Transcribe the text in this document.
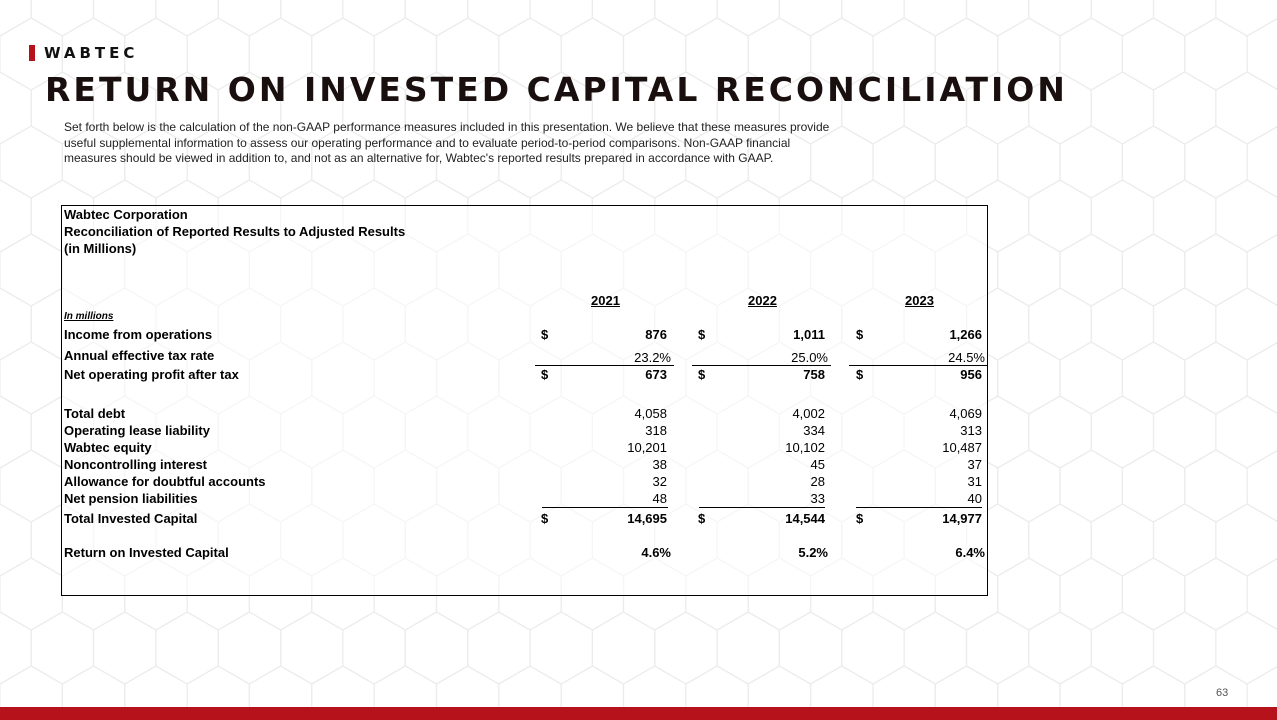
WABTEC
RETURN ON INVESTED CAPITAL RECONCILIATION
Set forth below is the calculation of the non-GAAP performance measures included in this presentation. We believe that these measures provide
useful supplemental information to assess our operating performance and to evaluate period-to-period comparisons. Non-GAAP financial
measures should be viewed in addition to, and not as an alternative for, Wabtec's reported results prepared in accordance with GAAP.
Wabtec Corporation
Reconciliation of Reported Results to Adjusted Results
(in Millions)
2021	2022	2023
In millions
Income from operations	$	876 $	1,011 $	1,266
Annual effective tax rate	23.2%	25.0%	24.5%
Net operating profit after tax	$	673 $	758 $	956
Total debt	4,058	4,002	4,069
Operating lease liability	318	334	313
Wabtec equity	10,201	10,102	10,487
Noncontrolling interest	38	45	37
Allowance for doubtful accounts	32	28	31
Net pension liabilities	48	33	40
Total Invested Capital	$	14,695 $	14,544 $	14,977
Return on Invested Capital	4.6%	5.2%	6.4%
63
